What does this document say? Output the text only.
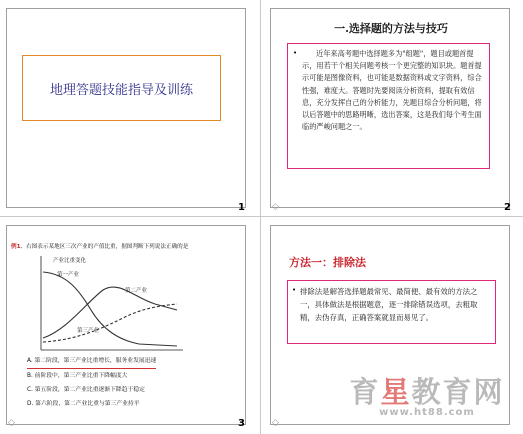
地理答题技能指导及训练
1
一.选择题的方法与技巧
•	近年来高考题中选择题多为"组题"，题目或题首提示，用若干个相关问题考核一个更完整的知识块。题首提示可能是图像资料，也可能是数据资料或文字资料，综合性强，难度大。答题时先要阅读分析资料，提取有效信息，充分发挥自己的分析能力，先题目综合分析问题，将以后答题中的思路明晰，选出答案，这是我们每个考生面临的严峻问题之一。
2
◇
例1、右图表示某地区三次产业的产值比重，据图判断下列说法正确的是
产业比重变化
第一产业
第二产业
第三产业
A. 第二阶段，第三产业比重增长，服务业发展迅速
B. 前阶段中，第三产业比重下降幅度大
C. 第五阶段，第二产业比重逐渐下降趋于稳定
D. 第六阶段，第二产业比重与第三产业持平
3
◇
方法一：排除法
• 排除法是解答选择题最常见、最简便、最有效的方法之一，具体做法是根据题意，逐一排除错误选项，去粗取精，去伪存真，正确答案就显而易见了。
◇
育星教育网
www.ht88.com
